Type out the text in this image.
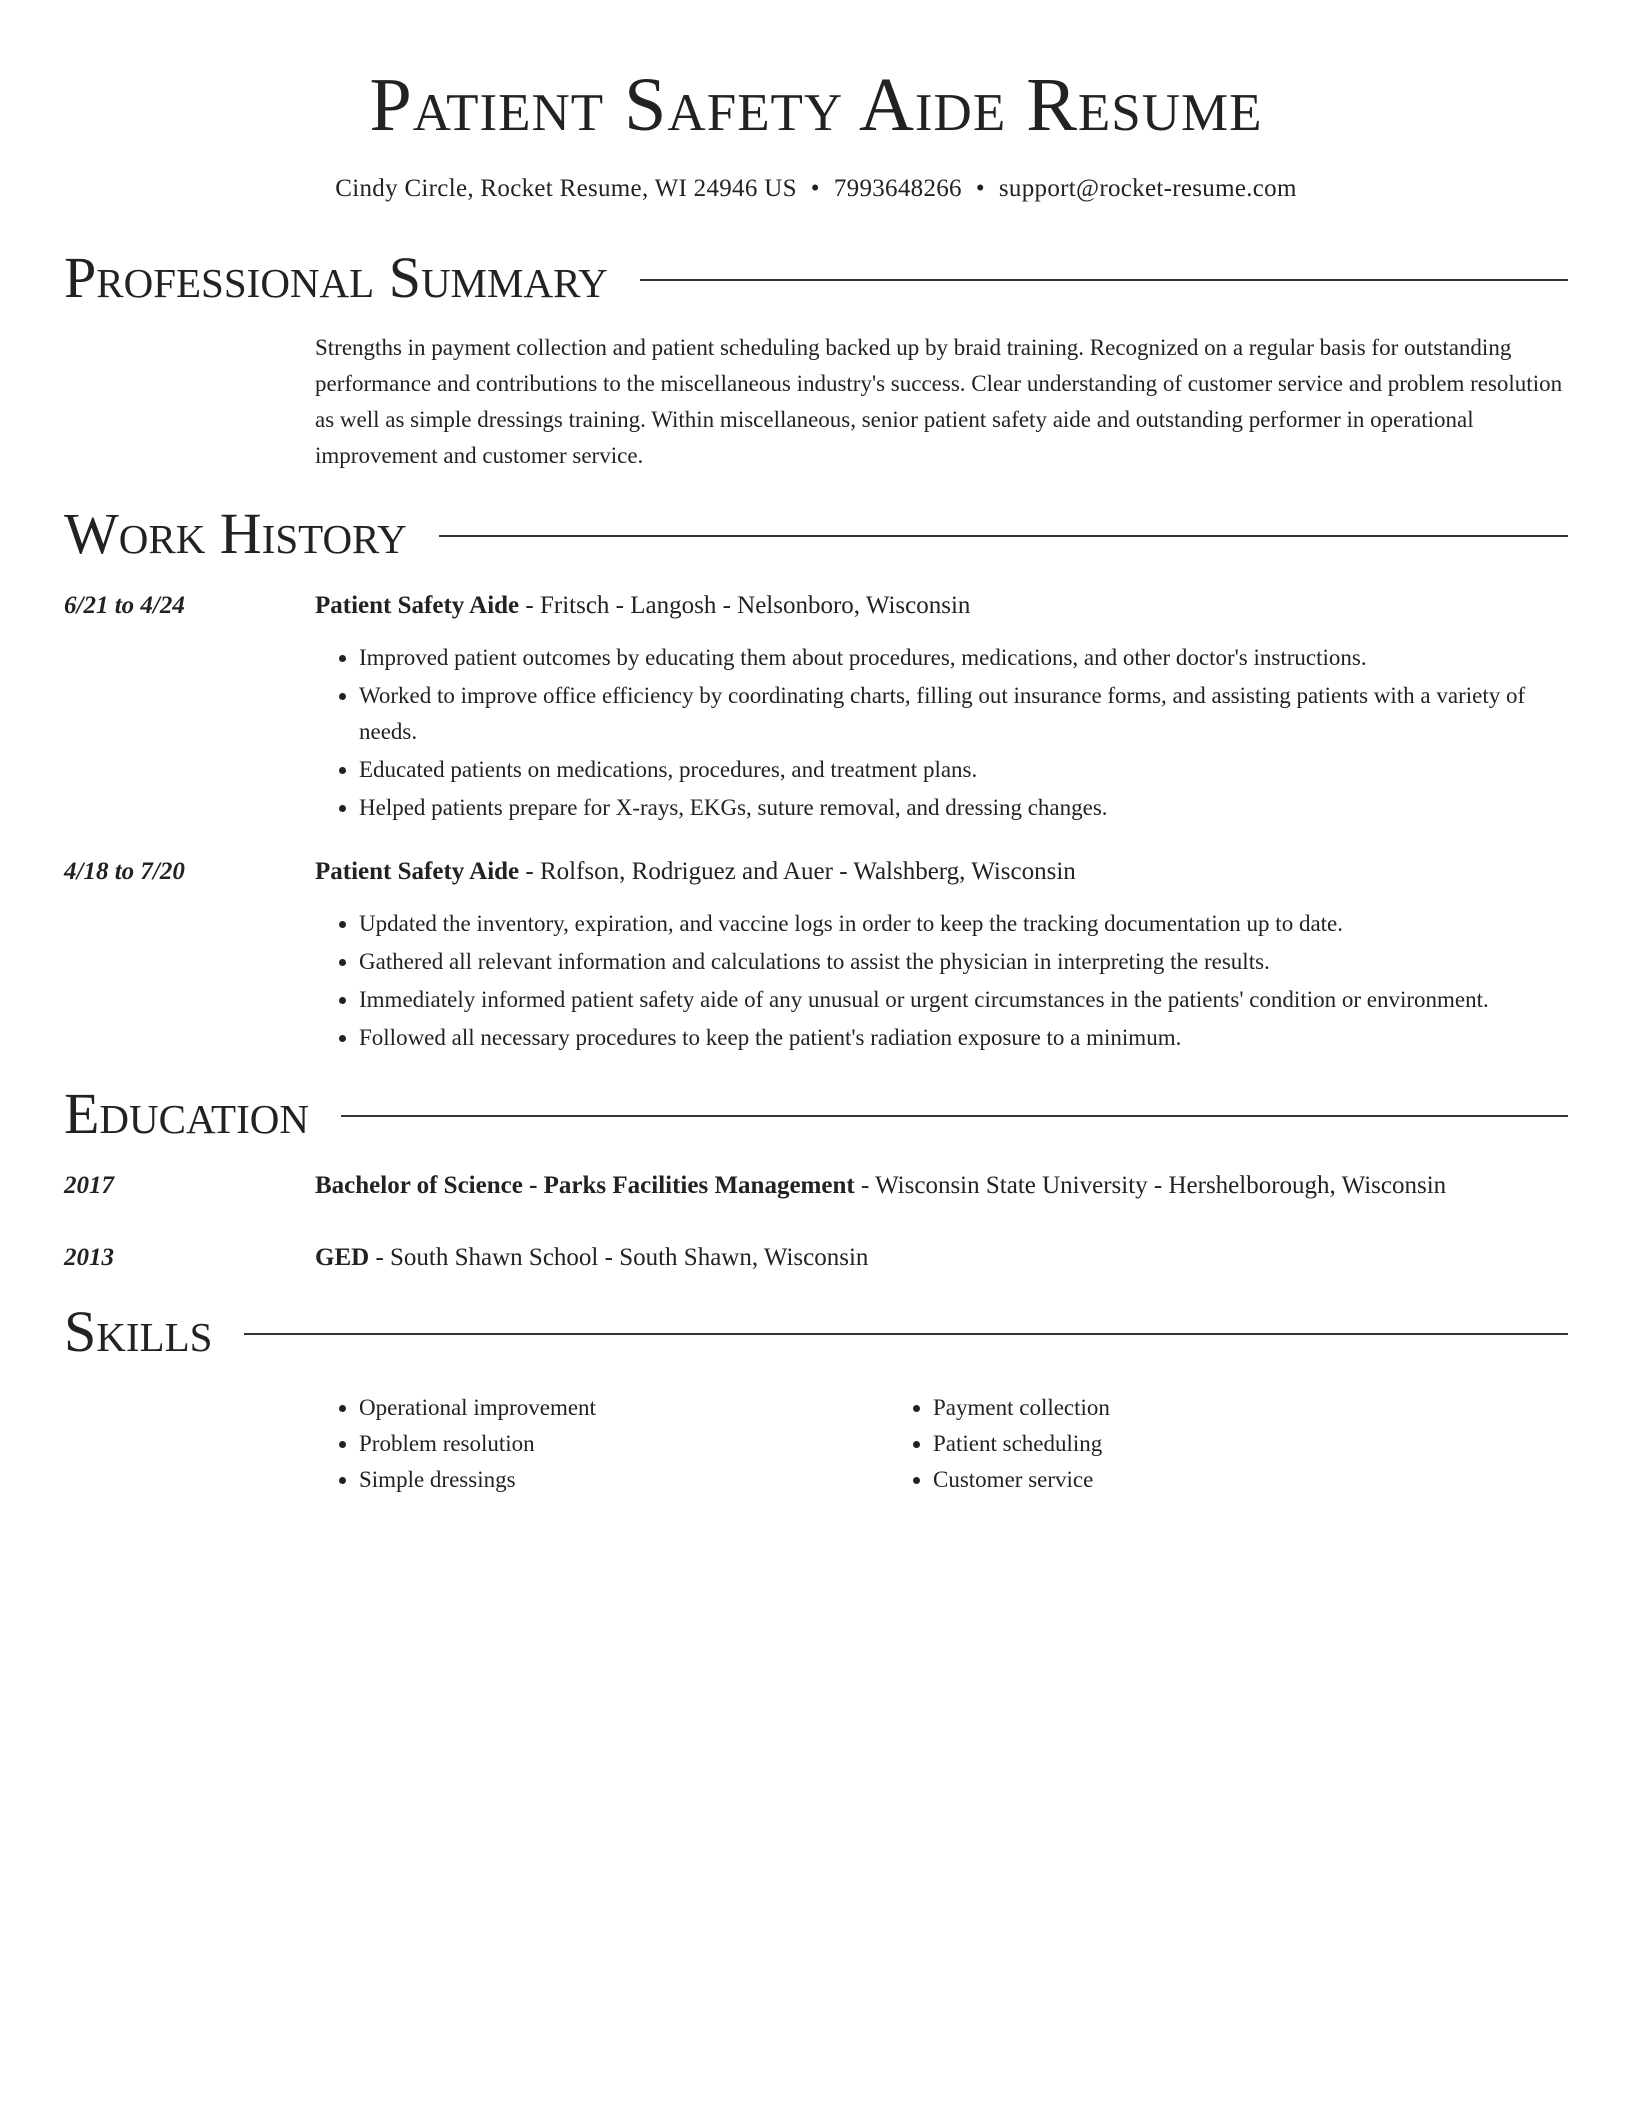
Patient Safety Aide Resume
Cindy Circle, Rocket Resume, WI 24946 US • 7993648266 • support@rocket-resume.com
Professional Summary
Strengths in payment collection and patient scheduling backed up by braid training. Recognized on a regular basis for outstanding performance and contributions to the miscellaneous industry's success. Clear understanding of customer service and problem resolution as well as simple dressings training. Within miscellaneous, senior patient safety aide and outstanding performer in operational improvement and customer service.
Work History
6/21 to 4/24	Patient Safety Aide - Fritsch - Langosh - Nelsonboro, Wisconsin
• Improved patient outcomes by educating them about procedures, medications, and other doctor's instructions.
• Worked to improve office efficiency by coordinating charts, filling out insurance forms, and assisting patients with a variety of needs.
• Educated patients on medications, procedures, and treatment plans.
• Helped patients prepare for X-rays, EKGs, suture removal, and dressing changes.
4/18 to 7/20	Patient Safety Aide - Rolfson, Rodriguez and Auer - Walshberg, Wisconsin
• Updated the inventory, expiration, and vaccine logs in order to keep the tracking documentation up to date.
• Gathered all relevant information and calculations to assist the physician in interpreting the results.
• Immediately informed patient safety aide of any unusual or urgent circumstances in the patients' condition or environment.
• Followed all necessary procedures to keep the patient's radiation exposure to a minimum.
Education
2017	Bachelor of Science - Parks Facilities Management - Wisconsin State University - Hershelborough, Wisconsin
2013	GED - South Shawn School - South Shawn, Wisconsin
Skills
• Operational improvement
• Problem resolution
• Simple dressings
• Payment collection
• Patient scheduling
• Customer service
